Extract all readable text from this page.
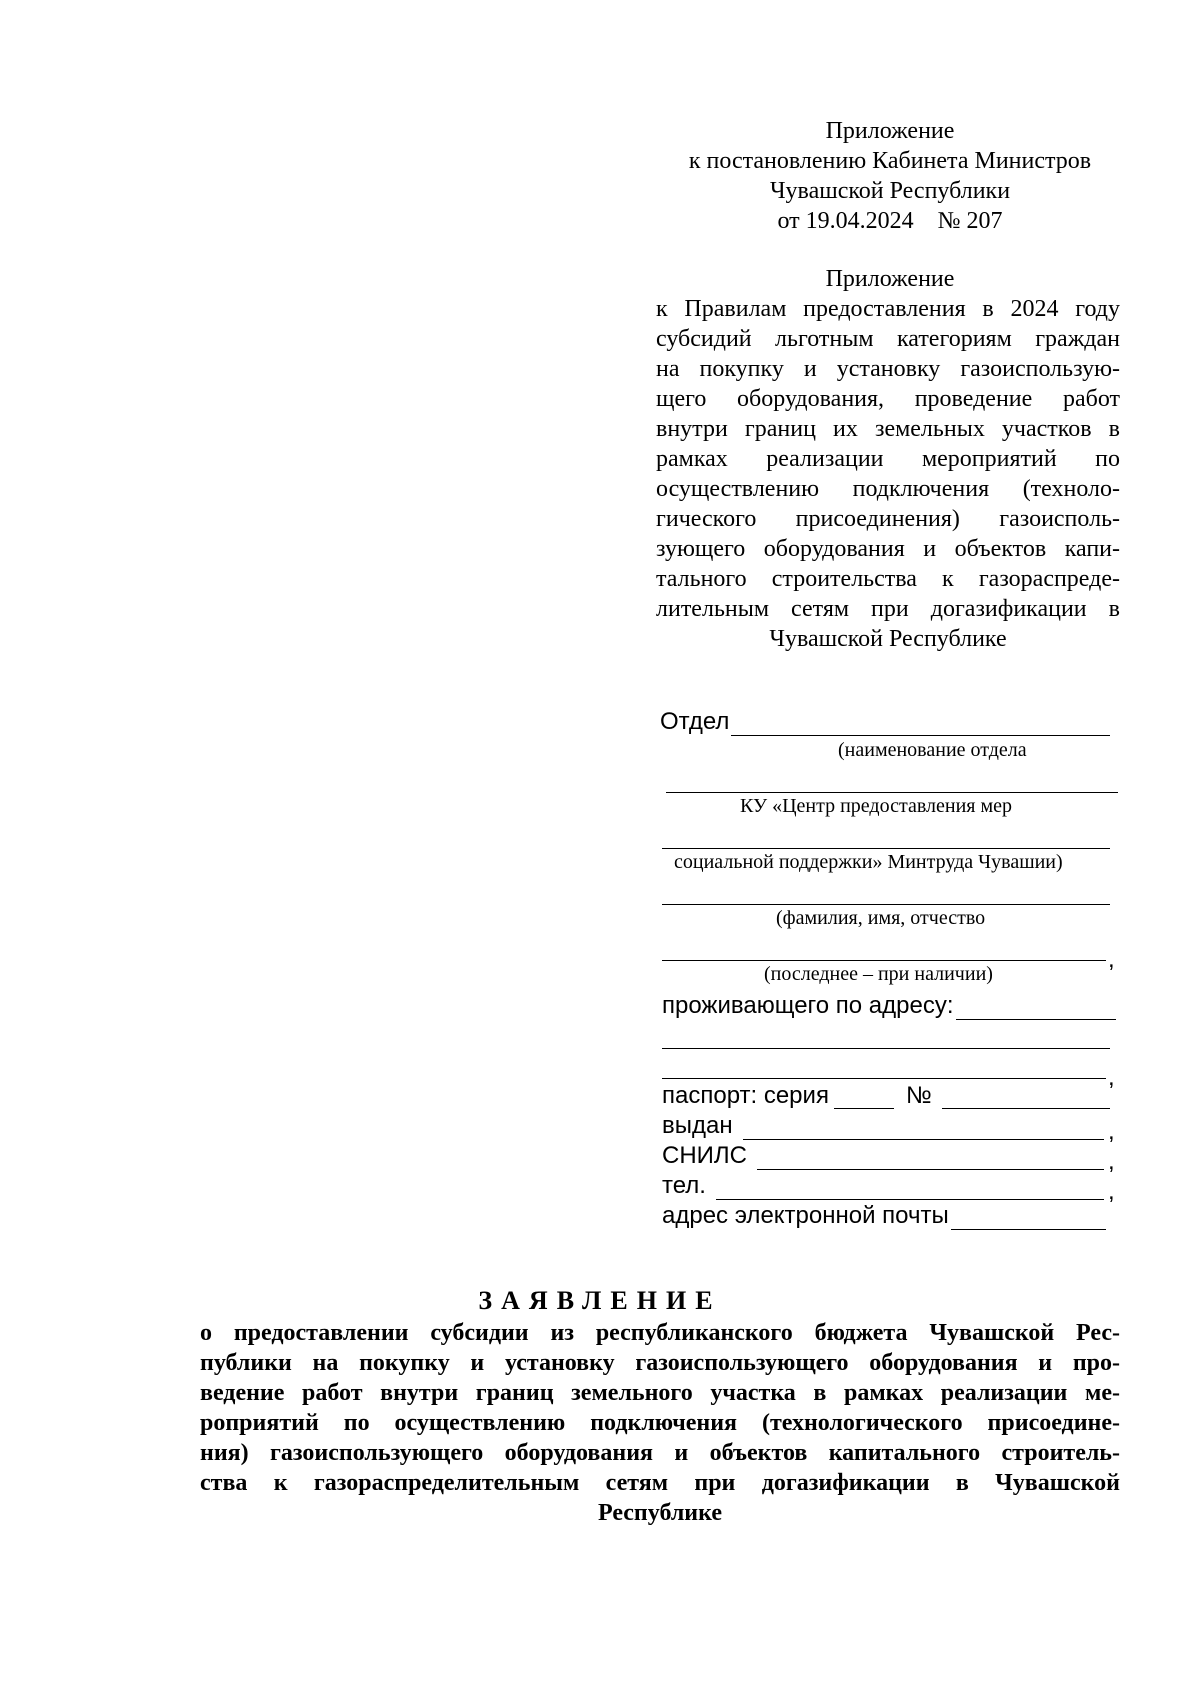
Приложение
к постановлению Кабинета Министров
Чувашской Республики
от 19.04.2024    № 207
Приложение
к Правилам предоставления в 2024 году
субсидий льготным категориям граждан
на покупку и установку газоиспользую-
щего оборудования, проведение работ
внутри границ их земельных участков в
рамках реализации мероприятий по
осуществлению подключения (техноло-
гического присоединения) газоисполь-
зующего оборудования и объектов капи-
тального строительства к газораспреде-
лительным сетям при догазификации в
Чувашской Республике
Отдел
(наименование отдела
КУ «Центр предоставления мер
социальной поддержки» Минтруда Чувашии)
(фамилия, имя, отчество
,
(последнее – при наличии)
проживающего по адресу:
,
паспорт: серия	№
выдан	,
СНИЛС	,
тел.	,
адрес электронной почты
ЗАЯВЛЕНИЕ
о предоставлении субсидии из республиканского бюджета Чувашской Рес-
публики на покупку и установку газоиспользующего оборудования и про-
ведение работ внутри границ земельного участка в рамках реализации ме-
роприятий по осуществлению подключения (технологического присоедине-
ния) газоиспользующего оборудования и объектов капитального строитель-
ства к газораспределительным сетям при догазификации в Чувашской
Республике
